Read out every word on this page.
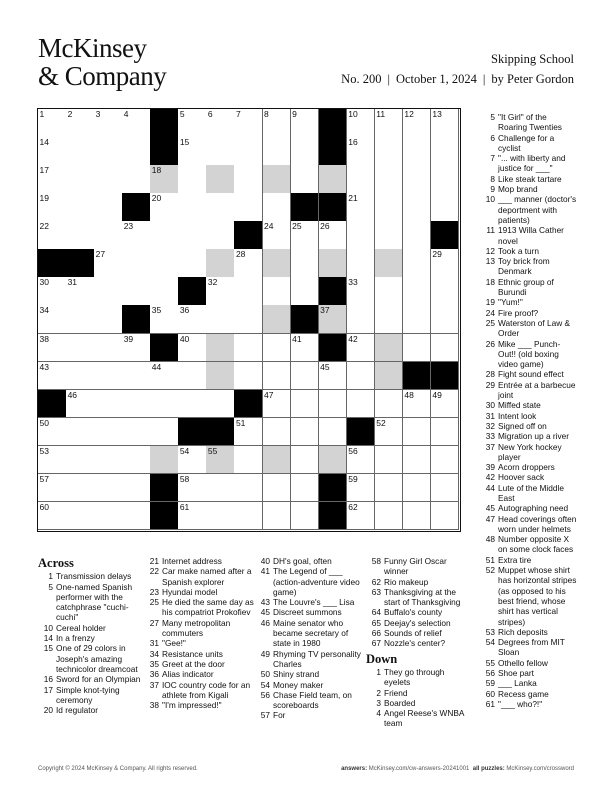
McKinsey
& Company
Skipping School
No. 200 | October 1, 2024 | by Peter Gordon
1	2	3	4	5	6	7	8	9	10 11 12 13
14	15	16
17	18
19	20	21
22	23	24 25 26
27	28	29
30 31	32	33
34	35 36	37
38	39	40	41	42
43	44	45
46	47	48 49
50	51	52
53	54 55	56
57	58	59
60	61	62
5 "It Girl" of the Roaring Twenties
6 Challenge for a cyclist
7 "... with liberty and justice for ___"
8 Like steak tartare
9 Mop brand
10 ___ manner (doctor's deportment with patients)
11 1913 Willa Cather novel
12 Took a turn
13 Toy brick from Denmark
18 Ethnic group of Burundi
19 "Yum!"
24 Fire proof?
25 Waterston of Law & Order
26 Mike ___ Punch-Out!! (old boxing video game)
28 Fight sound effect
29 Entrée at a barbecue joint
30 Miffed state
31 Intent look
32 Signed off on
33 Migration up a river
37 New York hockey player
39 Acorn droppers
42 Hoover sack
44 Lute of the Middle East
45 Autographing need
47 Head coverings often worn under helmets
48 Number opposite X on some clock faces
51 Extra tire
52 Muppet whose shirt has horizontal stripes (as opposed to his best friend, whose shirt has vertical stripes)
53 Rich deposits
54 Degrees from MIT Sloan
55 Othello fellow
56 Shoe part
59 ___ Lanka
60 Recess game
61 "___ who?!"
Across
1 Transmission delays
5 One-named Spanish performer with the catchphrase "cuchi-cuchi"
10 Cereal holder
14 In a frenzy
15 One of 29 colors in Joseph's amazing technicolor dreamcoat
16 Sword for an Olympian
17 Simple knot-tying ceremony
20 Id regulator
21 Internet address
22 Car make named after a Spanish explorer
23 Hyundai model
25 He died the same day as his compatriot Prokofiev
27 Many metropolitan commuters
31 "Gee!"
34 Resistance units
35 Greet at the door
36 Alias indicator
37 IOC country code for an athlete from Kigali
38 "I'm impressed!"
40 DH's goal, often
41 The Legend of ___ (action-adventure video game)
43 The Louvre's ___ Lisa
45 Discreet summons
46 Maine senator who became secretary of state in 1980
49 Rhyming TV personality Charles
50 Shiny strand
54 Money maker
56 Chase Field team, on scoreboards
57 For
58 Funny Girl Oscar winner
62 Rio makeup
63 Thanksgiving at the start of Thanksgiving
64 Buffalo's county
65 Deejay's selection
66 Sounds of relief
67 Nozzle's center?
Down
1 They go through eyelets
2 Friend
3 Boarded
4 Angel Reese's WNBA team
Copyright © 2024 McKinsey & Company. All rights reserved.	answers: McKinsey.com/cw-answers-20241001 all puzzles: McKinsey.com/crossword
